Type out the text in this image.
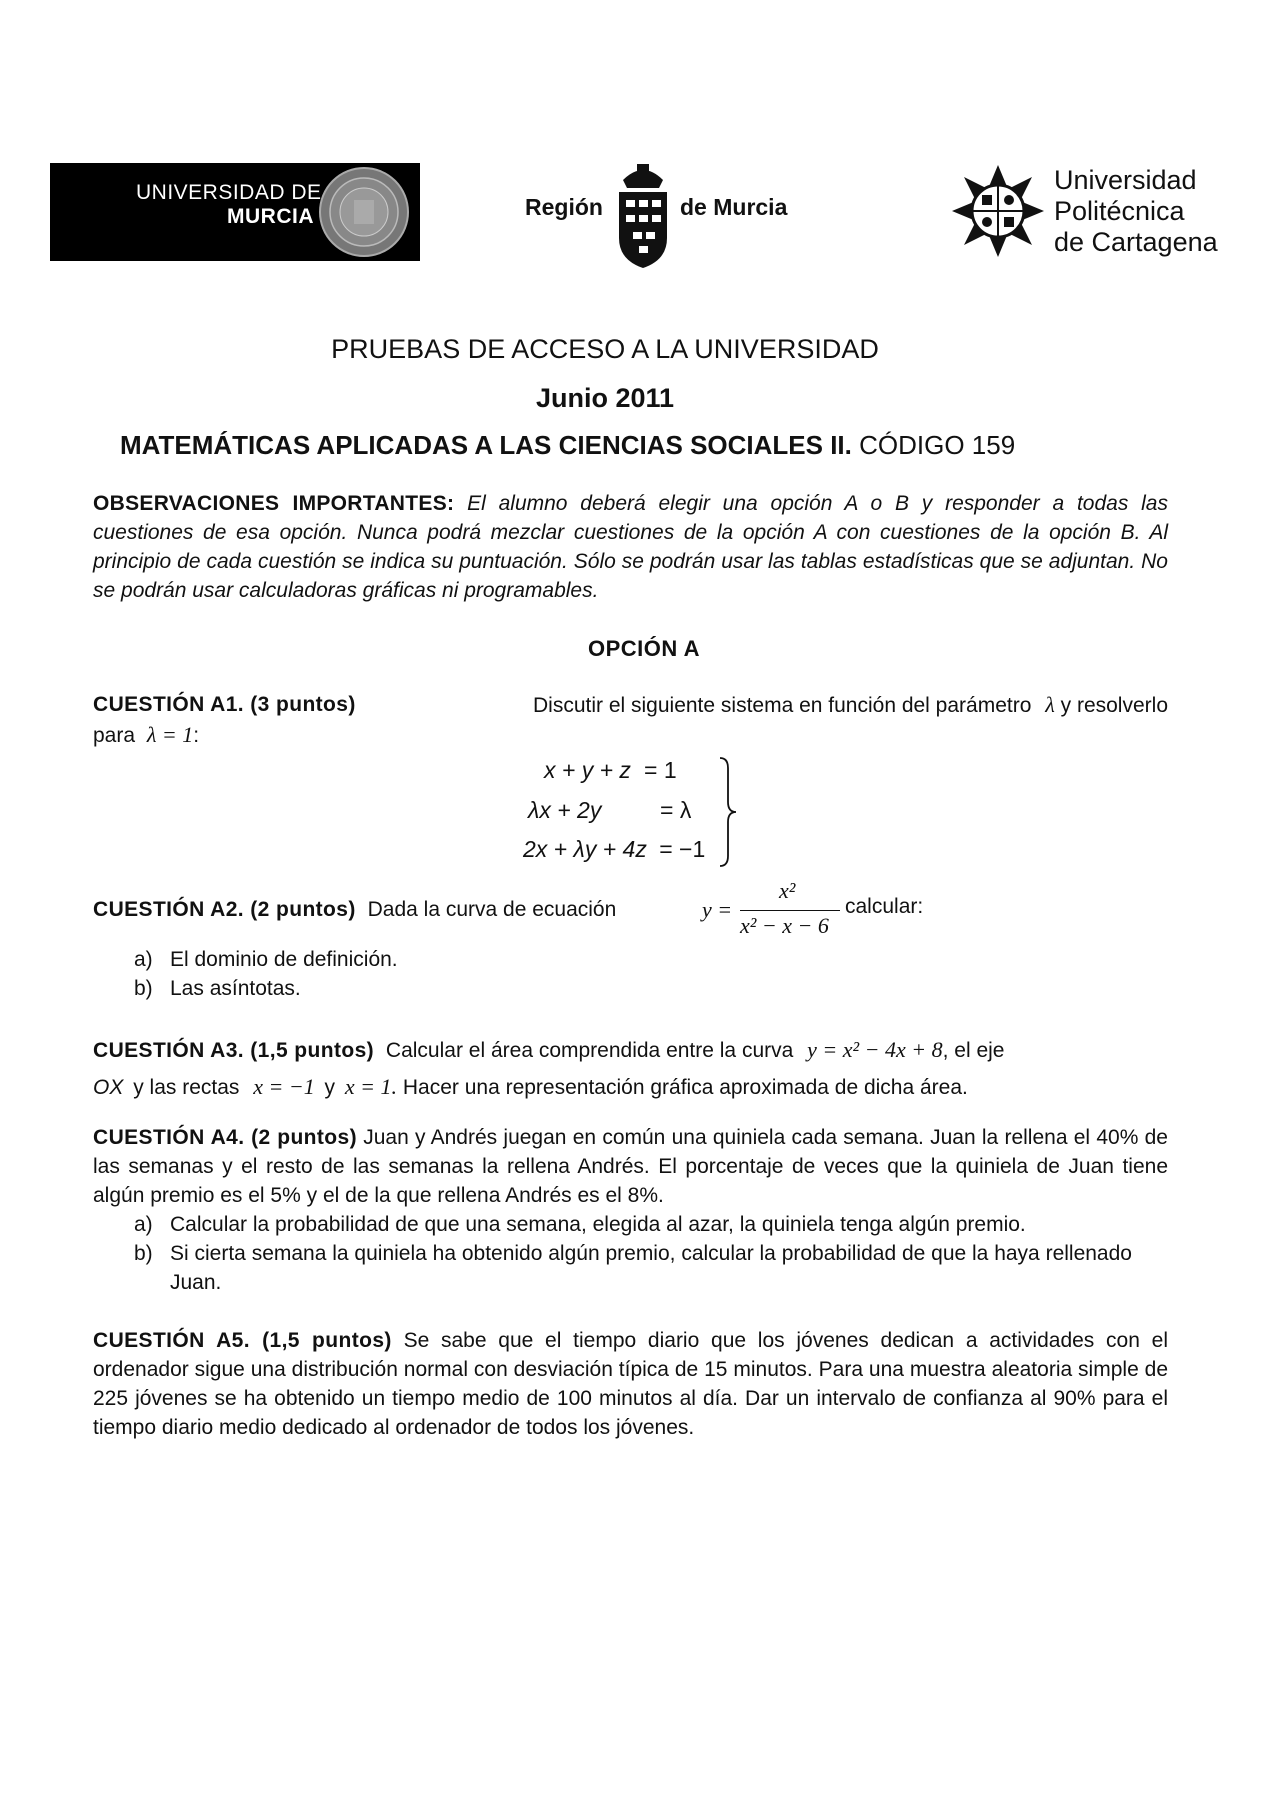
UNIVERSIDAD DE
MURCIA	Región	de Murcia
Universidad
Politécnica
de Cartagena
PRUEBAS DE ACCESO A LA UNIVERSIDAD
Junio 2011
MATEMÁTICAS APLICADAS A LAS CIENCIAS SOCIALES II. CÓDIGO 159
OBSERVACIONES IMPORTANTES: El alumno deberá elegir una opción A o B y responder a todas las cuestiones de esa opción. Nunca podrá mezclar cuestiones de la opción A con cuestiones de la opción B. Al principio de cada cuestión se indica su puntuación. Sólo se podrán usar las tablas estadísticas que se adjuntan. No se podrán usar calculadoras gráficas ni programables.
OPCIÓN A
CUESTIÓN A1. (3 puntos)	Discutir el siguiente sistema en función del parámetro λ y resolverlo
para λ = 1:
x + y + z = 1
λx + 2y	= λ
2x + λy + 4z = −1
CUESTIÓN A2. (2 puntos) Dada la curva de ecuación	y =
x²
x² − x − 6
calcular:
a) El dominio de definición.
b) Las asíntotas.
CUESTIÓN A3. (1,5 puntos) Calcular el área comprendida entre la curva y = x² − 4x + 8, el eje
OX y las rectas x = −1 y x = 1. Hacer una representación gráfica aproximada de dicha área.
CUESTIÓN A4. (2 puntos) Juan y Andrés juegan en común una quiniela cada semana. Juan la rellena el 40% de las semanas y el resto de las semanas la rellena Andrés. El porcentaje de veces que la quiniela de Juan tiene algún premio es el 5% y el de la que rellena Andrés es el 8%.
a) Calcular la probabilidad de que una semana, elegida al azar, la quiniela tenga algún premio.
b) Si cierta semana la quiniela ha obtenido algún premio, calcular la probabilidad de que la haya rellenado Juan.
CUESTIÓN A5. (1,5 puntos) Se sabe que el tiempo diario que los jóvenes dedican a actividades con el ordenador sigue una distribución normal con desviación típica de 15 minutos. Para una muestra aleatoria simple de 225 jóvenes se ha obtenido un tiempo medio de 100 minutos al día. Dar un intervalo de confianza al 90% para el tiempo diario medio dedicado al ordenador de todos los jóvenes.
